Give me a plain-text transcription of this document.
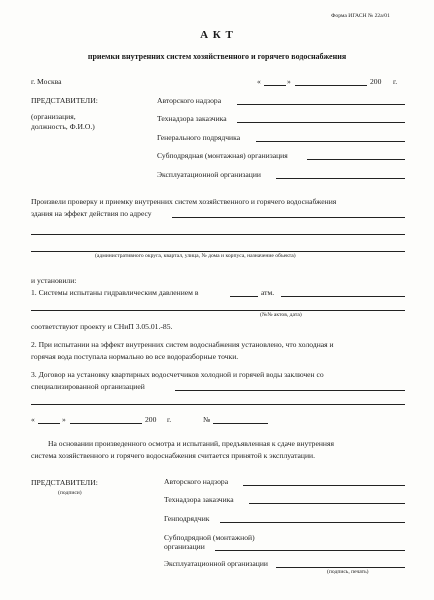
Форма ИГАСН № 22а/01
А К Т
приемки внутренних систем хозяйственного и горячего водоснабжения
г. Москва	«	»	200 г.
ПРЕДСТАВИТЕЛИ:
(организация,
должность, Ф.И.О.)
Авторского надзора
Технадзора заказчика
Генерального подрядчика
Субподрядная (монтажная) организация
Эксплуатационной организации
Произвели проверку и приемку внутренних систем хозяйственного и горячего водоснабжения
здания на эффект действия по адресу
(административного округа, квартал, улица, № дома и корпуса, назначение объекта)
и установили:
1. Системы испытаны гидравлическим давлением в	атм.
(№№ актов, дата)
соответствуют проекту и СНиП 3.05.01.-85.
2. При испытании на эффект внутренних систем водоснабжения установлено, что холодная и
горячая вода поступала нормально во все водоразборные точки.
3. Договор на установку квартирных водосчетчиков холодной и горячей воды заключен со
специализированной организацией
«	»	200 г.	№
На основании произведенного осмотра и испытаний, предъявленная к сдаче внутренняя
система хозяйственного и горячего водоснабжения считается принятой к эксплуатации.
ПРЕДСТАВИТЕЛИ:
(подписи)
Авторского надзора
Технадзора заказчика
Генподрядчик
Субподрядной (монтажной)
организации
Эксплуатационной организации
(подпись, печать)
